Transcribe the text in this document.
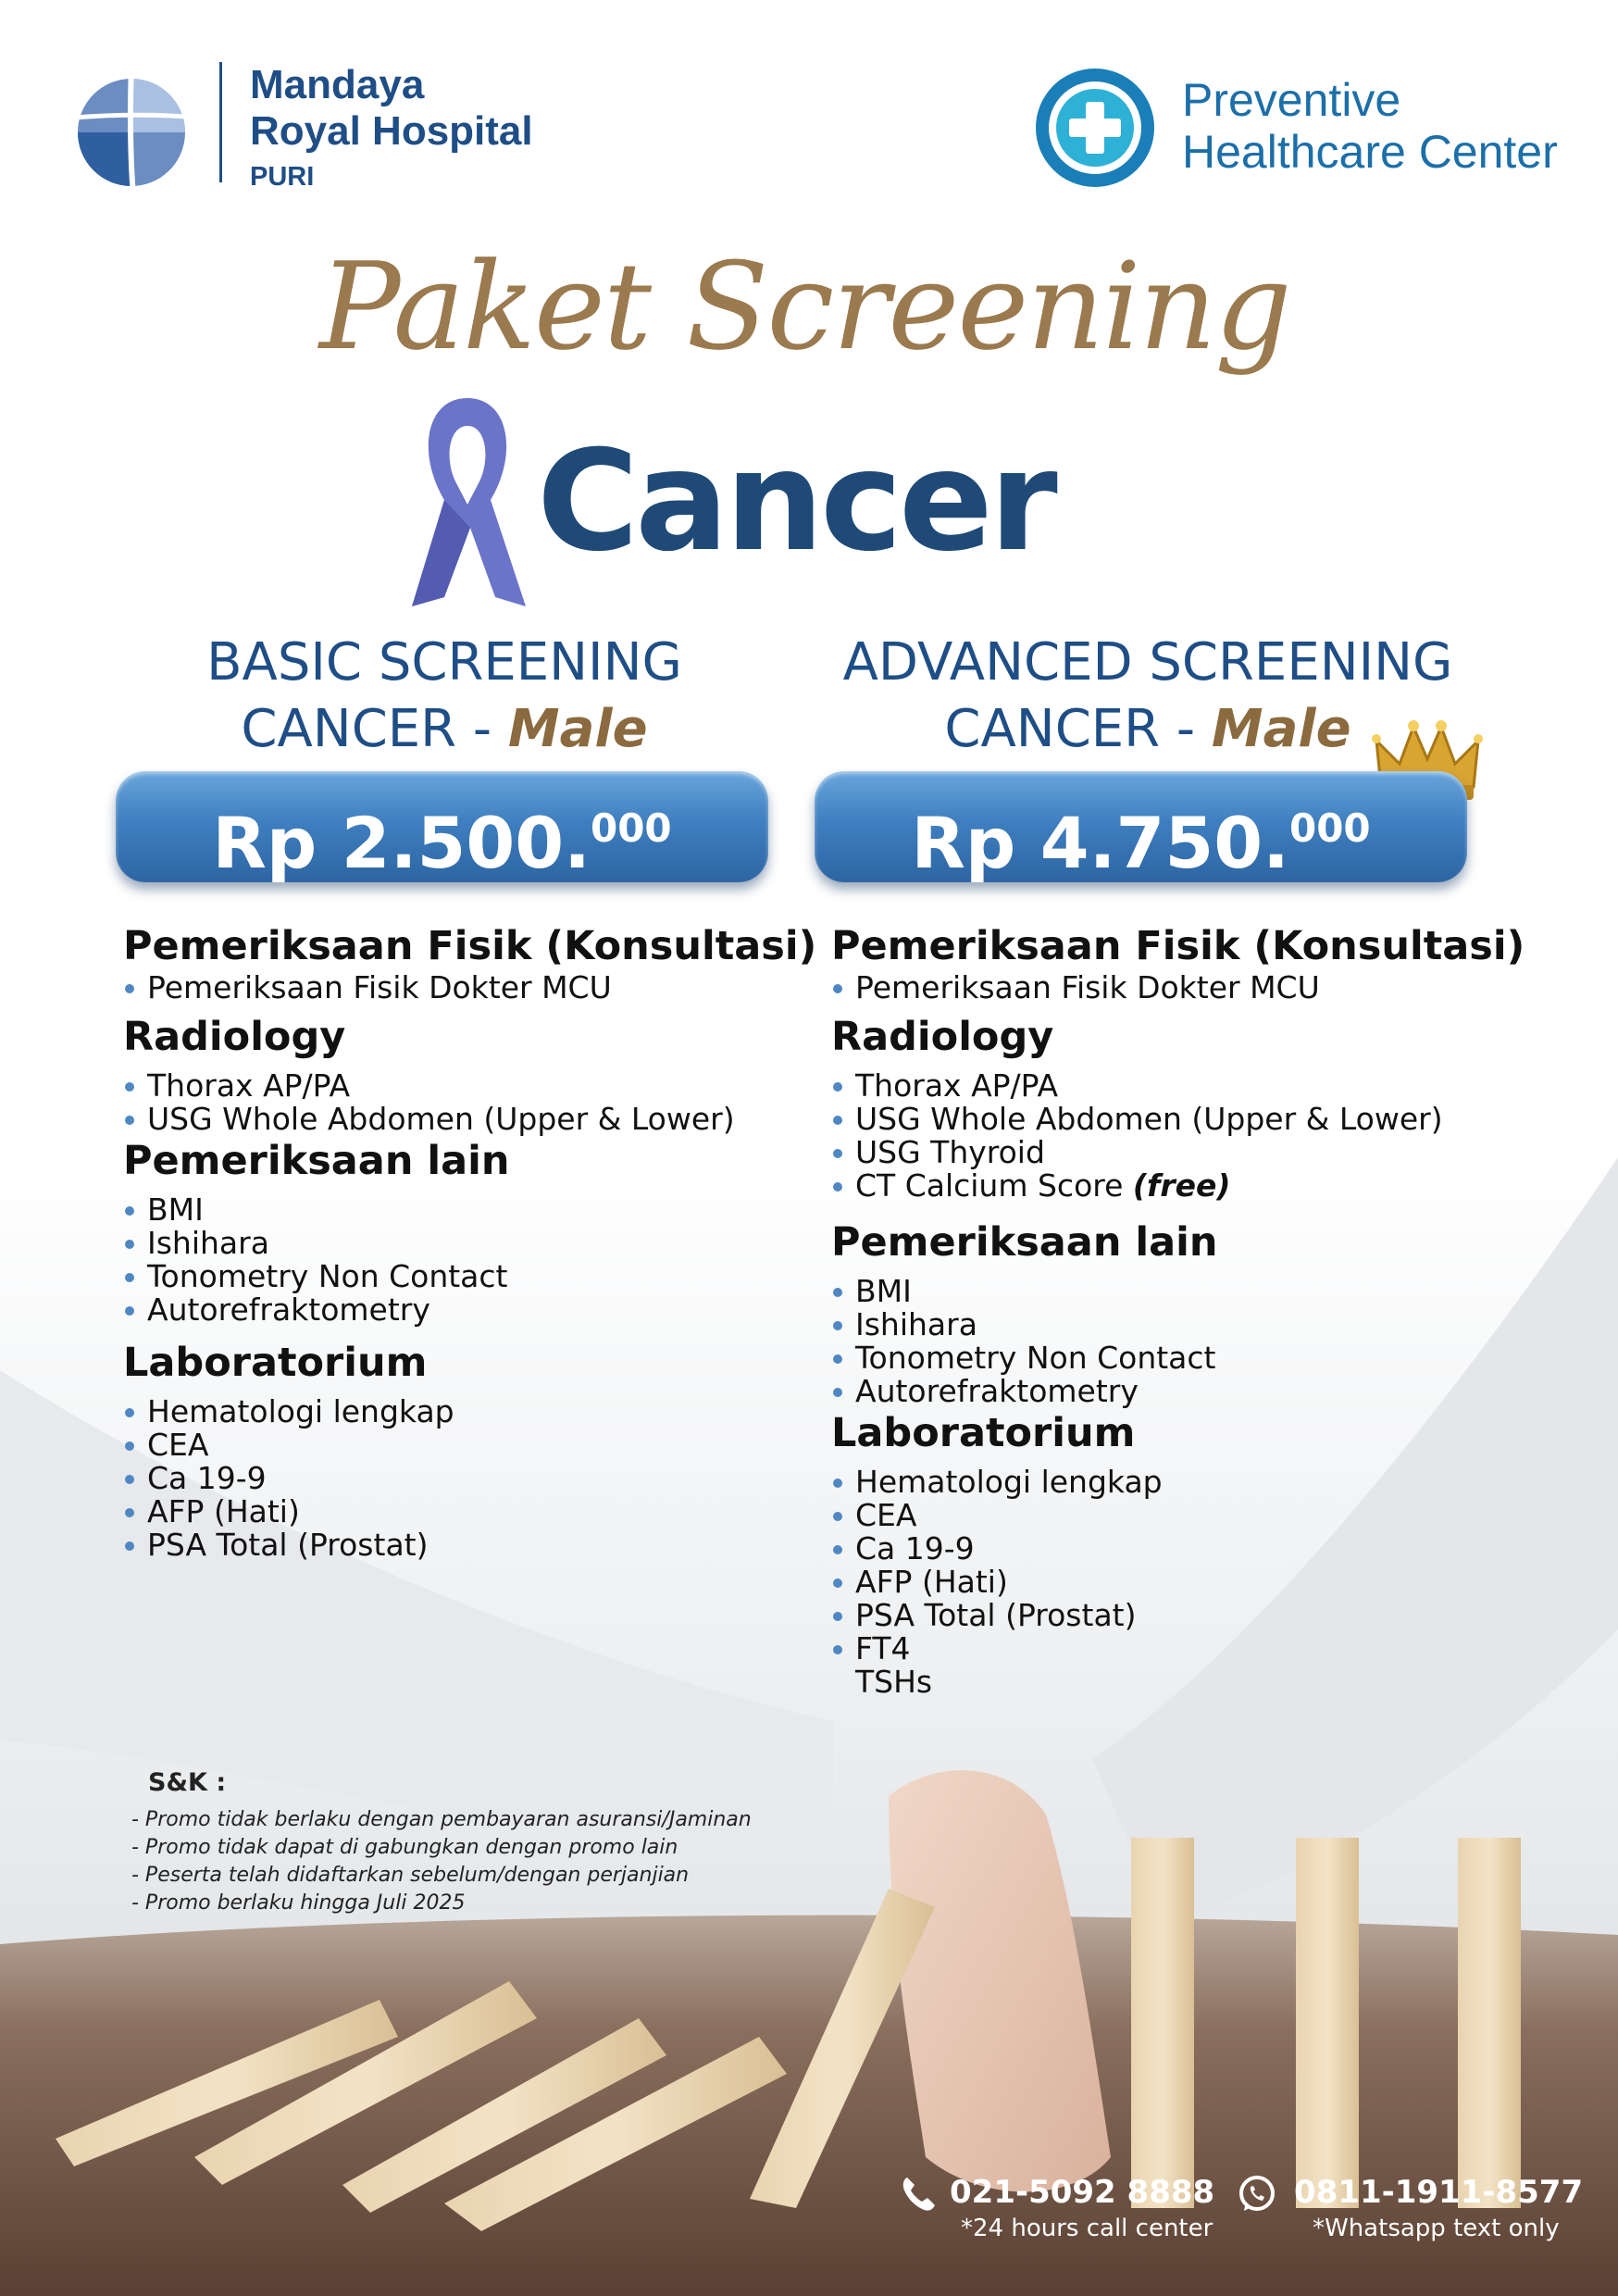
Mandaya
Royal Hospital
PURI
Preventive
Healthcare Center
Paket Screening
Cancer
BASIC SCREENING
CANCER - Male
Rp 2.500.$^{000}$
ADVANCED SCREENING
CANCER - Male
Rp 4.750.$^{000}$
Pemeriksaan Fisik (Konsultasi)
Pemeriksaan Fisik Dokter MCU
Radiology
Thorax AP/PA
USG Whole Abdomen (Upper & Lower)
Pemeriksaan lain
BMI
Ishihara
Tonometry Non Contact
Autorefraktometry
Laboratorium
Hematologi lengkap
CEA
Ca 19-9
AFP (Hati)
PSA Total (Prostat)
Pemeriksaan Fisik (Konsultasi)
Pemeriksaan Fisik Dokter MCU
Radiology
Thorax AP/PA
USG Whole Abdomen (Upper & Lower)
USG Thyroid
CT Calcium Score (free)
Pemeriksaan lain
BMI
Ishihara
Tonometry Non Contact
Autorefraktometry
Laboratorium
Hematologi lengkap
CEA
Ca 19-9
AFP (Hati)
PSA Total (Prostat)
FT4
TSHs
S&K :
- Promo tidak berlaku dengan pembayaran asuransi/Jaminan
- Promo tidak dapat di gabungkan dengan promo lain
- Peserta telah didaftarkan sebelum/dengan perjanjian
- Promo berlaku hingga Juli 2025
021-5092 8888
*24 hours call center
0811-1911-8577
*Whatsapp text only
